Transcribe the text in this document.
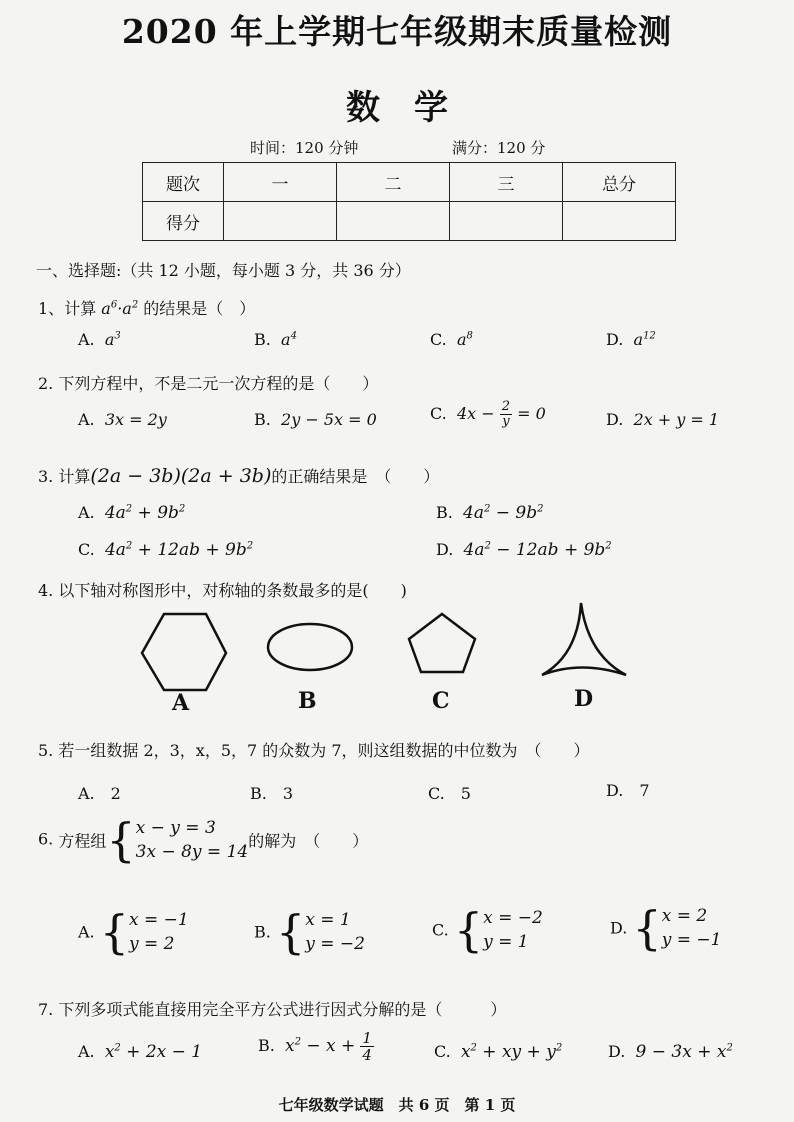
2020 年上学期七年级期末质量检测
数学
时间：120 分钟	满分：120 分
题次	一	二	三	总分
得分				
一、选择题:（共 12 小题，每小题 3 分，共 36 分）
1、计算 $a^6\cdot a^2$ 的结果是（　）
A.  $a^3$	B.  $a^4$	C.  $a^8$	D.  $a^{12}$
2. 下列方程中，不是二元一次方程的是（　　）
A.  3x = 2y	B.  2y − 5x = 0	C.  $4x - \frac{2}{y} = 0$	D.  2x + y = 1
3. 计算(2a − 3b)(2a + 3b)的正确结果是　（　　）
A.  $4a^2 + 9b^2$	B.  $4a^2 - 9b^2$
C.  $4a^2 + 12ab + 9b^2$	D.  $4a^2 - 12ab + 9b^2$
4. 以下轴对称图形中，对称轴的条数最多的是(　　)
A	B	C	D
5. 若一组数据 2，3，x，5，7 的众数为 7，则这组数据的中位数为　（　　）
A.　2	B.　3	C.　5	D.　7
6. 方程组{x − y = 3
3x − 8y = 14的解为　（　　）
A. {x = −1
y = 2
B. {x = 1
y = −2
C. {x = −2
y = 1
D. {x = 2
y = −1
7. 下列多项式能直接用完全平方公式进行因式分解的是（　　　）
A.  $x^2 + 2x - 1$	B.  $x^2 - x + \frac{1}{4}$	C.  $x^2$ + xy + $y^2$	D.  $9 - 3x + x^2$
七年级数学试题　共 6 页　第 1 页
